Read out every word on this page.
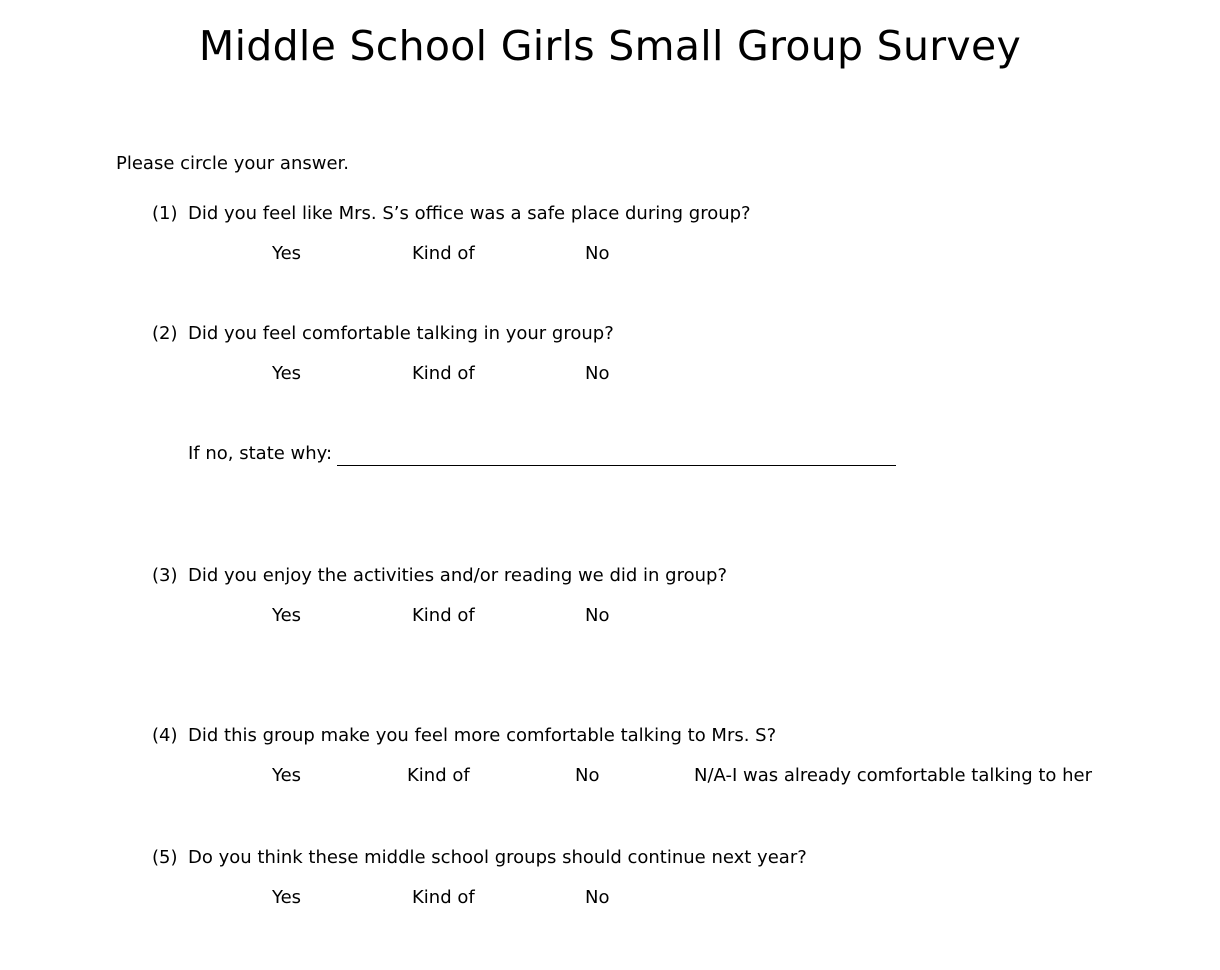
Middle School Girls Small Group Survey

Please circle your answer.

(1) Did you feel like Mrs. S’s office was a safe place during group?
Yes	Kind of	No
(2) Did you feel comfortable talking in your group?
Yes	Kind of	No
If no, state why:
(3) Did you enjoy the activities and/or reading we did in group?
Yes	Kind of	No
(4) Did this group make you feel more comfortable talking to Mrs. S?
Yes	Kind of	No	N/A-I was already comfortable talking to her
(5) Do you think these middle school groups should continue next year?
Yes	Kind of	No
